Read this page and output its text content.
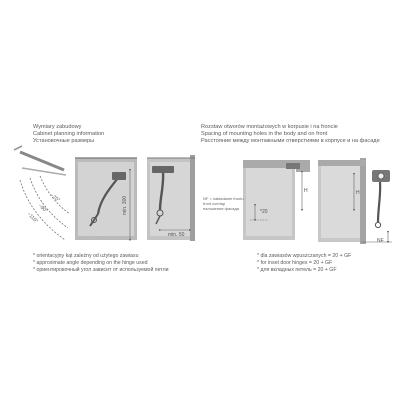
Wymiary zabudowy
Cabinet planning information
Установочные размеры
Rozstaw otworów montażowych w korpusie i na froncie
Spacing of mounting holes in the body and on front
Расстояние между монтажными отверстиями в корпусе и на фасаде
~70°
~90°
~110°
min. 300
min. 50
H
*20
H
NF
NF = nakładanie frontu
front overlap
наложение фасада
* orientacyjny kąt zależny od użytego zawiasu
* approximate angle depending on the hinge used
* ориентировочный угол зависит от используемой петли
* dla zawiasów wpuszczanych = 20 + GF
* for inset door hinges = 20 + GF
* для вкладных петель = 20 + GF
